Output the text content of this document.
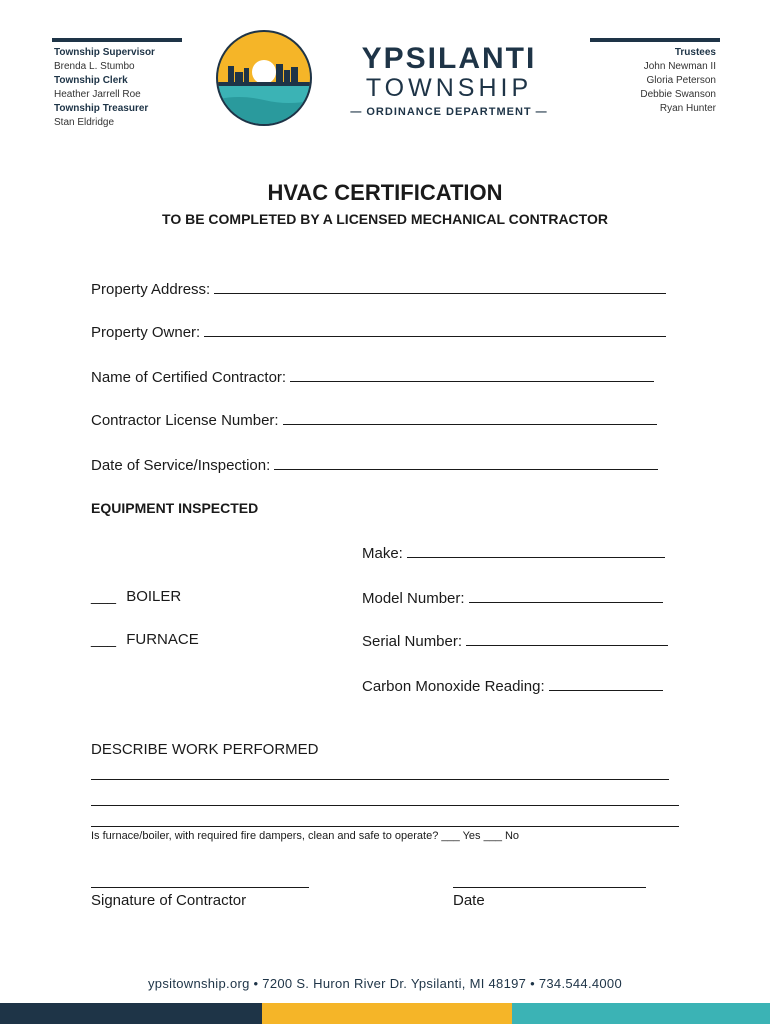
Township Supervisor
Brenda L. Stumbo
Township Clerk
Heather Jarrell Roe
Township Treasurer
Stan Eldridge
Trustees
John Newman II
Gloria Peterson
Debbie Swanson
Ryan Hunter
YPSILANTI
TOWNSHIP
— ORDINANCE DEPARTMENT —
HVAC CERTIFICATION
TO BE COMPLETED BY A LICENSED MECHANICAL CONTRACTOR
Property Address:
Property Owner:
Name of Certified Contractor:
Contractor License Number:
Date of Service/Inspection:
EQUIPMENT INSPECTED
Make:
___ BOILER	Model Number:
___ FURNACE	Serial Number:
Carbon Monoxide Reading:
DESCRIBE WORK PERFORMED
Is furnace/boiler, with required fire dampers, clean and safe to operate? ___ Yes ___ No
Signature of Contractor	Date
ypsitownship.org • 7200 S. Huron River Dr. Ypsilanti, MI 48197 • 734.544.4000
